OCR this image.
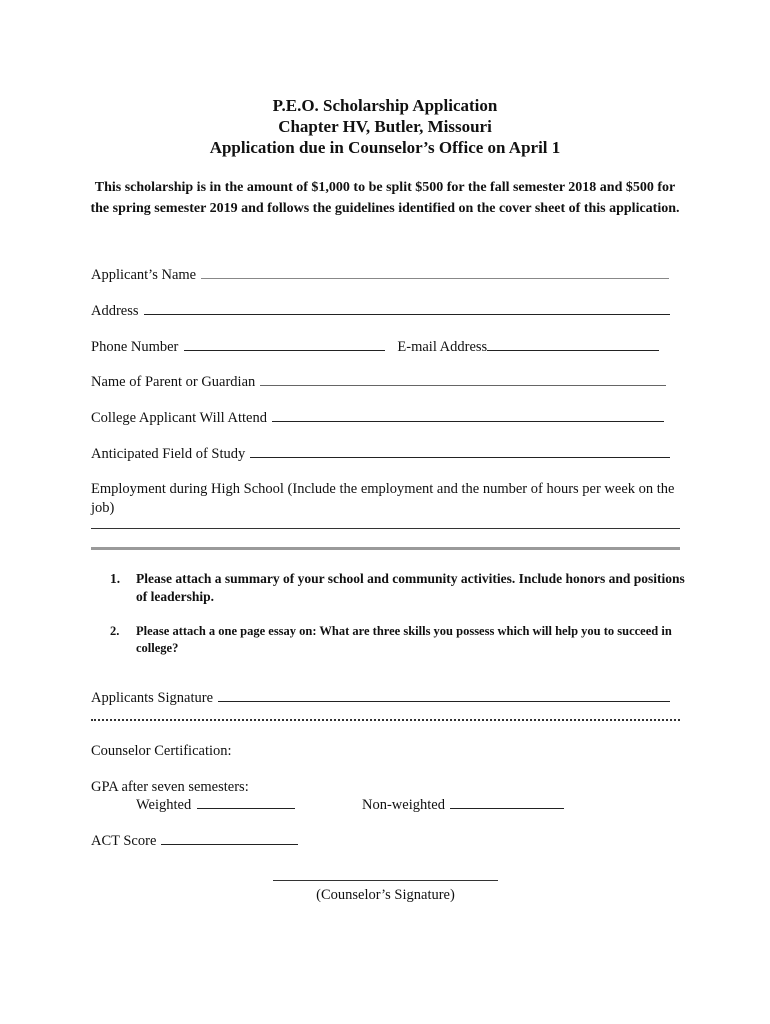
P.E.O. Scholarship Application
Chapter HV, Butler, Missouri
Application due in Counselor’s Office on April 1
This scholarship is in the amount of $1,000 to be split $500 for the fall semester 2018 and $500 for the spring semester 2019 and follows the guidelines identified on the cover sheet of this application.
Applicant’s Name
Address
Phone Number	E-mail Address
Name of Parent or Guardian
College Applicant Will Attend
Anticipated Field of Study
Employment during High School (Include the employment and the number of hours per week on the job)
1.	Please attach a summary of your school and community activities. Include honors and positions of leadership.
2.	Please attach a one page essay on: What are three skills you possess which will help you to succeed in college?
Applicants Signature
Counselor Certification:
GPA after seven semesters:
Weighted	Non-weighted
ACT Score
(Counselor’s Signature)
